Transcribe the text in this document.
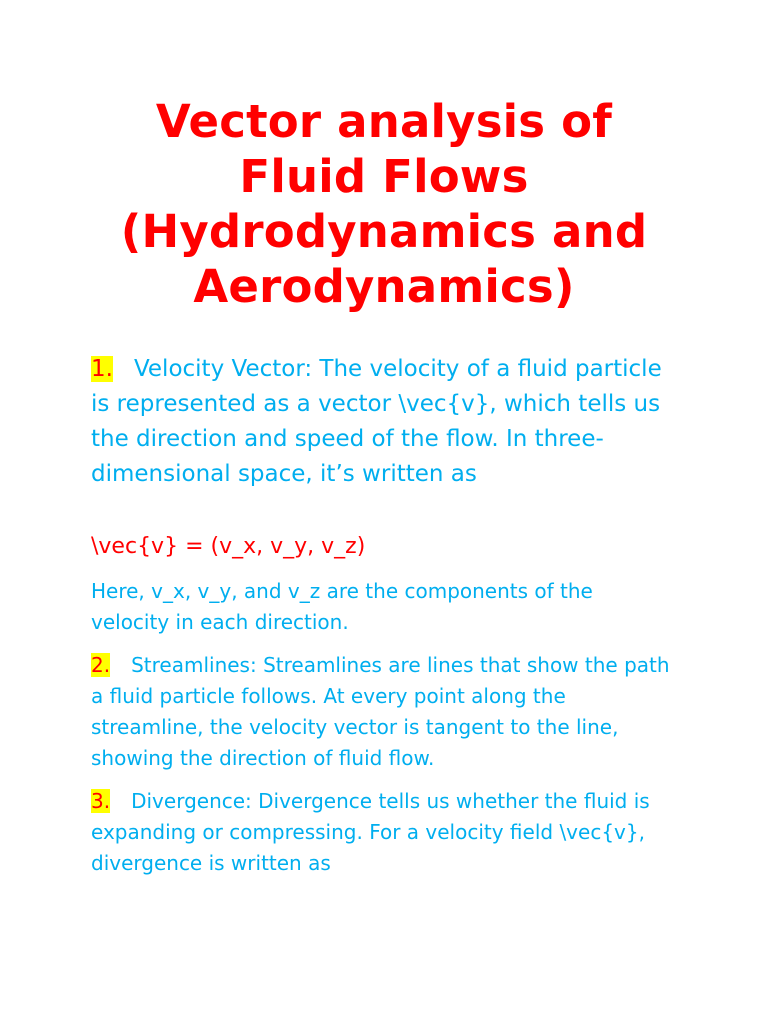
Vector analysis of Fluid Flows (Hydrodynamics and Aerodynamics)

1. Velocity Vector: The velocity of a fluid particle is represented as a vector \vec{v}, which tells us the direction and speed of the flow. In three-dimensional space, it’s written as

\vec{v} = (v_x, v_y, v_z)

Here, v_x, v_y, and v_z are the components of the velocity in each direction.

2. Streamlines: Streamlines are lines that show the path a fluid particle follows. At every point along the streamline, the velocity vector is tangent to the line, showing the direction of fluid flow.

3. Divergence: Divergence tells us whether the fluid is expanding or compressing. For a velocity field \vec{v}, divergence is written as
